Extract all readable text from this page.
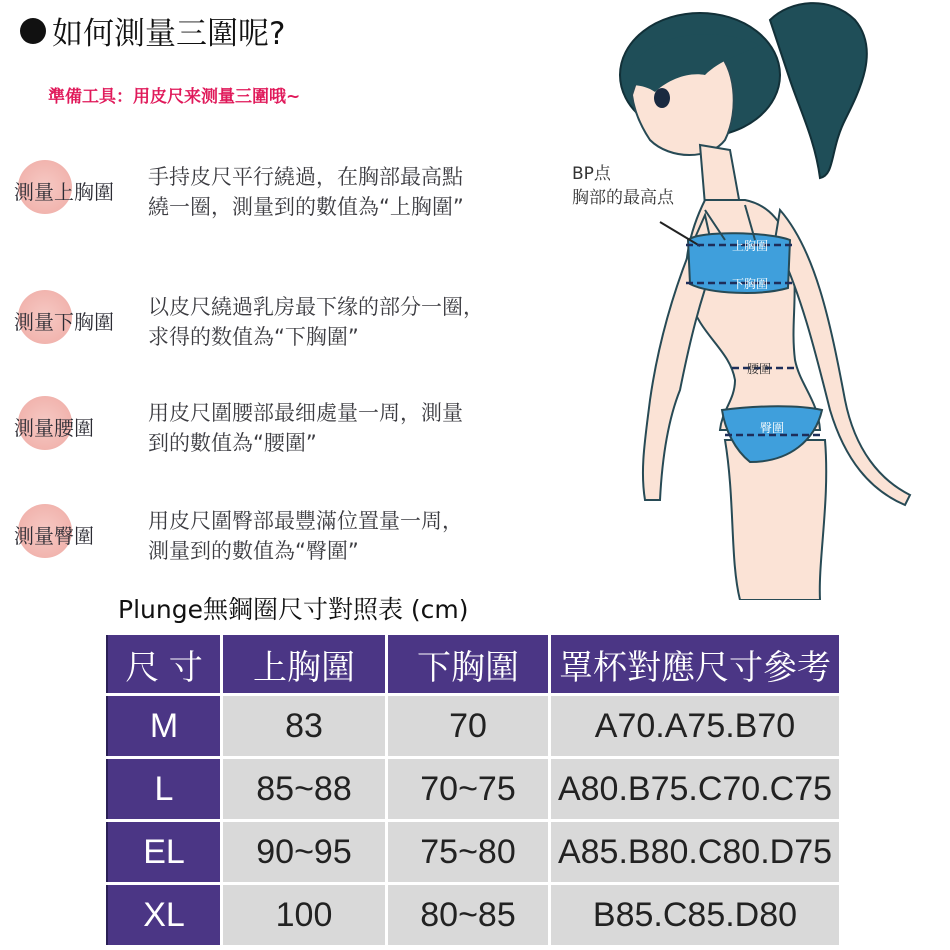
如何測量三圍呢?
準備工具：用皮尺来测量三圍哦~
測量上胸圍
手持皮尺平行繞過，在胸部最高點
繞一圈，測量到的數值為“上胸圍”
測量下胸圍
以皮尺繞過乳房最下缘的部分一圈，
求得的数值為“下胸圍”
測量腰圍
用皮尺圍腰部最细處量一周，測量
到的數值為“腰圍”
測量臀圍
用皮尺圍臀部最豐滿位置量一周，
測量到的數值為“臀圍”
BP点
胸部的最高点
上胸圍
下胸圍
腰圍
臀圍
Plunge無鋼圈尺寸對照表 (cm)
尺 寸	上胸圍	下胸圍	罩杯對應尺寸參考
M	83	70	A70.A75.B70
L	85~88	70~75	A80.B75.C70.C75
EL	90~95	75~80	A85.B80.C80.D75
XL	100	80~85	B85.C85.D80
